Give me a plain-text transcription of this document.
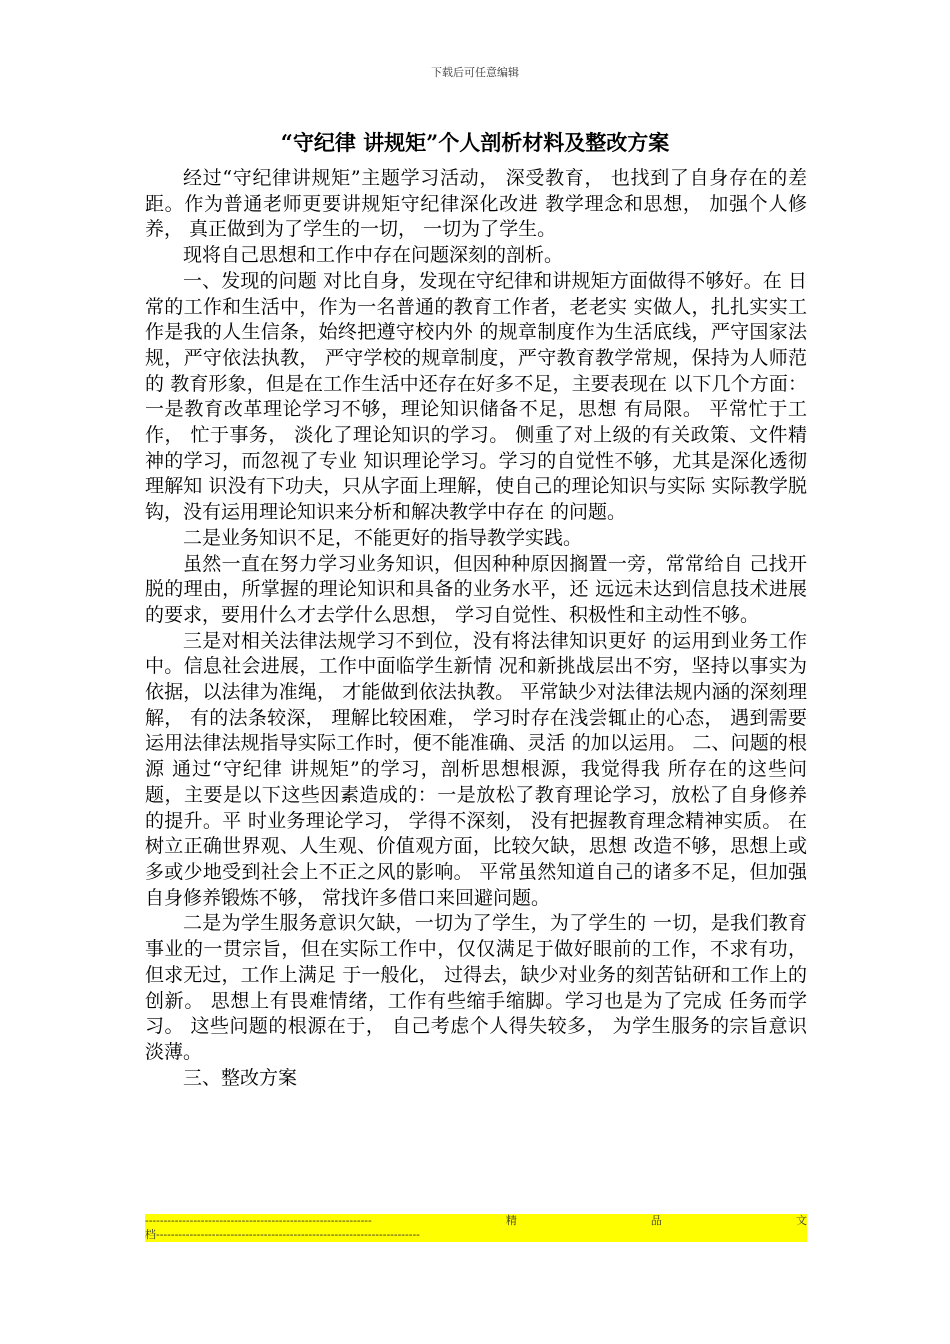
下载后可任意编辑
“守纪律 讲规矩”个人剖析材料及整改方案

经过“守纪律讲规矩”主题学习活动， 深受教育， 也找到了自身存在的差距。作为普通老师更要讲规矩守纪律深化改进 教学理念和思想， 加强个人修养， 真正做到为了学生的一切， 一切为了学生。

现将自己思想和工作中存在问题深刻的剖析。

一、发现的问题 对比自身，发现在守纪律和讲规矩方面做得不够好。在 日常的工作和生活中，作为一名普通的教育工作者，老老实 实做人，扎扎实实工作是我的人生信条，始终把遵守校内外 的规章制度作为生活底线，严守国家法规，严守依法执教， 严守学校的规章制度，严守教育教学常规，保持为人师范的 教育形象，但是在工作生活中还存在好多不足，主要表现在 以下几个方面： 一是教育改革理论学习不够，理论知识储备不足，思想 有局限。 平常忙于工作， 忙于事务， 淡化了理论知识的学习。 侧重了对上级的有关政策、文件精神的学习，而忽视了专业 知识理论学习。学习的自觉性不够，尤其是深化透彻理解知 识没有下功夫，只从字面上理解，使自己的理论知识与实际 实际教学脱钩，没有运用理论知识来分析和解决教学中存在 的问题。

二是业务知识不足，不能更好的指导教学实践。

虽然一直在努力学习业务知识，但因种种原因搁置一旁，常常给自 己找开脱的理由，所掌握的理论知识和具备的业务水平，还 远远未达到信息技术进展的要求，要用什么才去学什么思想， 学习自觉性、积极性和主动性不够。

三是对相关法律法规学习不到位，没有将法律知识更好 的运用到业务工作中。信息社会进展，工作中面临学生新情 况和新挑战层出不穷，坚持以事实为依据，以法律为准绳， 才能做到依法执教。 平常缺少对法律法规内涵的深刻理解， 有的法条较深， 理解比较困难， 学习时存在浅尝辄止的心态， 遇到需要运用法律法规指导实际工作时，便不能准确、灵活 的加以运用。 二、问题的根源 通过“守纪律 讲规矩”的学习，剖析思想根源，我觉得我 所存在的这些问题，主要是以下这些因素造成的：一是放松了教育理论学习，放松了自身修养的提升。平 时业务理论学习， 学得不深刻， 没有把握教育理念精神实质。 在树立正确世界观、人生观、价值观方面，比较欠缺，思想 改造不够，思想上或多或少地受到社会上不正之风的影响。 平常虽然知道自己的诸多不足，但加强自身修养锻炼不够， 常找许多借口来回避问题。

二是为学生服务意识欠缺，一切为了学生，为了学生的 一切，是我们教育事业的一贯宗旨，但在实际工作中，仅仅满足于做好眼前的工作，不求有功，但求无过，工作上满足 于一般化， 过得去，缺少对业务的刻苦钻研和工作上的创新。 思想上有畏难情绪，工作有些缩手缩脚。学习也是为了完成 任务而学习。 这些问题的根源在于， 自己考虑个人得失较多， 为学生服务的宗旨意识淡薄。

三、整改方案

-------------------------------------------------------------	精	品	文
档-----------------------------------------------------------------------
